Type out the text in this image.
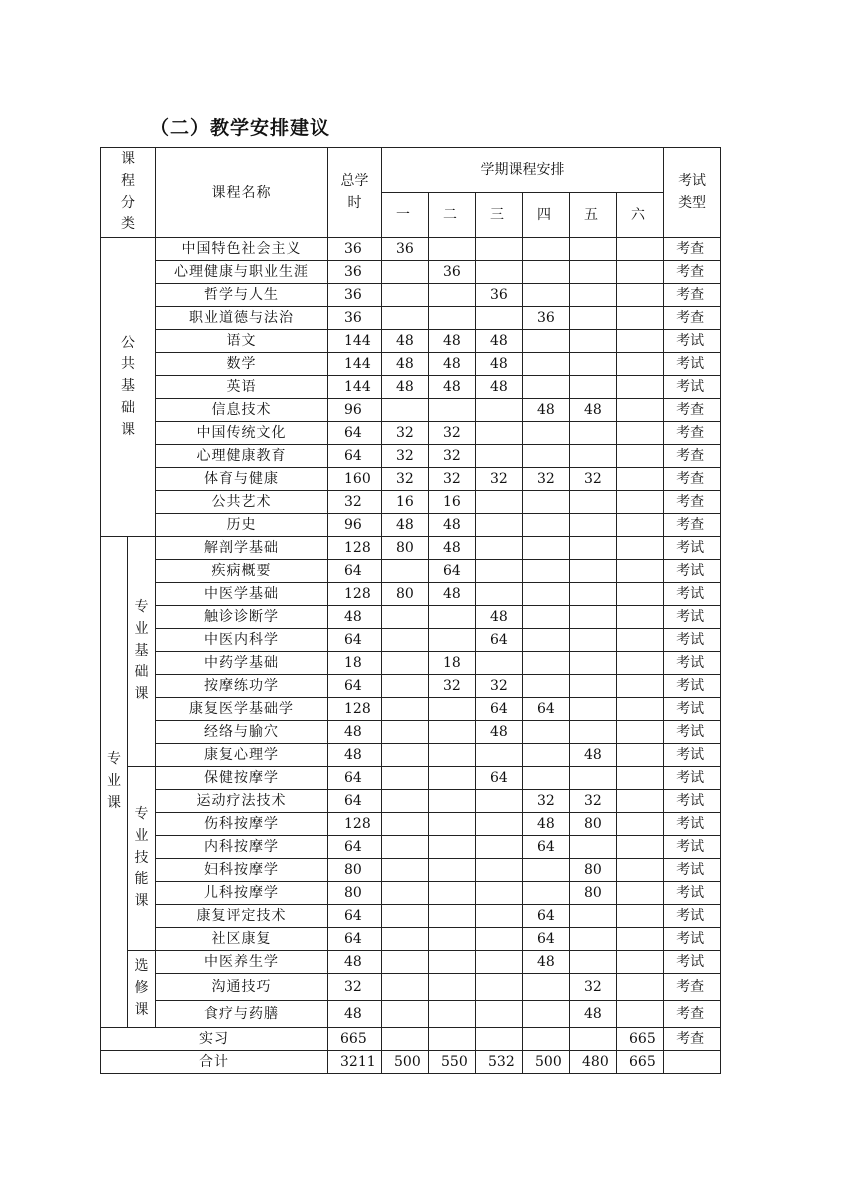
（二）教学安排建议
课程分类		课程名称	总学时	学期课程安排						考试类型
				一	二	三	四	五	六	
公共基础课		中国特色社会主义	36	36						考查
		心理健康与职业生涯	36		36					考查
		哲学与人生	36			36				考查
		职业道德与法治	36				36			考查
		语文	144	48	48	48				考试
		数学	144	48	48	48				考试
		英语	144	48	48	48				考试
		信息技术	96				48	48		考查
		中国传统文化	64	32	32					考查
		心理健康教育	64	32	32					考查
		体育与健康	160	32	32	32	32	32		考查
		公共艺术	32	16	16					考查
		历史	96	48	48					考查
专业课	专业基础课	解剖学基础	128	80	48					考试
		疾病概要	64		64					考试
		中医学基础	128	80	48					考试
		触诊诊断学	48			48				考试
		中医内科学	64			64				考试
		中药学基础	18		18					考试
		按摩练功学	64		32	32				考试
		康复医学基础学	128			64	64			考试
		经络与腧穴	48			48				考试
		康复心理学	48					48		考试
	专业技能课	保健按摩学	64			64				考试
		运动疗法技术	64				32	32		考试
		伤科按摩学	128				48	80		考试
		内科按摩学	64				64			考试
		妇科按摩学	80					80		考试
		儿科按摩学	80					80		考试
		康复评定技术	64				64			考试
		社区康复	64				64			考试
	选修课	中医养生学	48				48			考试
		沟通技巧	32					32		考查
		食疗与药膳	48					48		考查
实习			665						665	考查
合计			3211	500	550	532	500	480	665	
